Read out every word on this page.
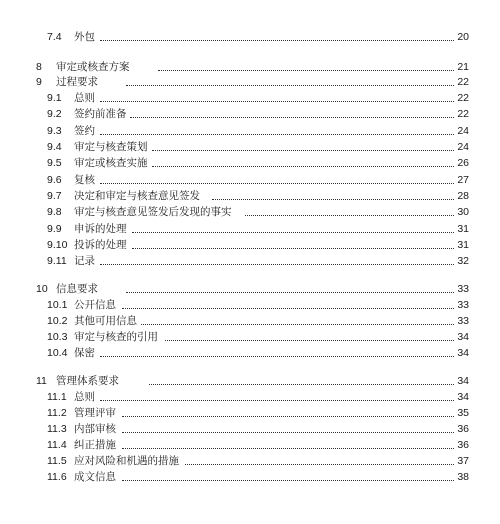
7.4 外包	20
8 审定或核查方案	21
9 过程要求	22
9.1 总则	22
9.2 签约前准备	22
9.3 签约	24
9.4 审定与核查策划	24
9.5 审定或核查实施	26
9.6 复核	27
9.7 决定和审定与核查意见签发	28
9.8 审定与核查意见签发后发现的事实	30
9.9 申诉的处理	31
9.10 投诉的处理	31
9.11 记录	32
10 信息要求	33
10.1 公开信息	33
10.2 其他可用信息	33
10.3 审定与核查的引用	34
10.4 保密	34
11 管理体系要求	34
11.1 总则	34
11.2 管理评审	35
11.3 内部审核	36
11.4 纠正措施	36
11.5 应对风险和机遇的措施	37
11.6 成文信息	38
